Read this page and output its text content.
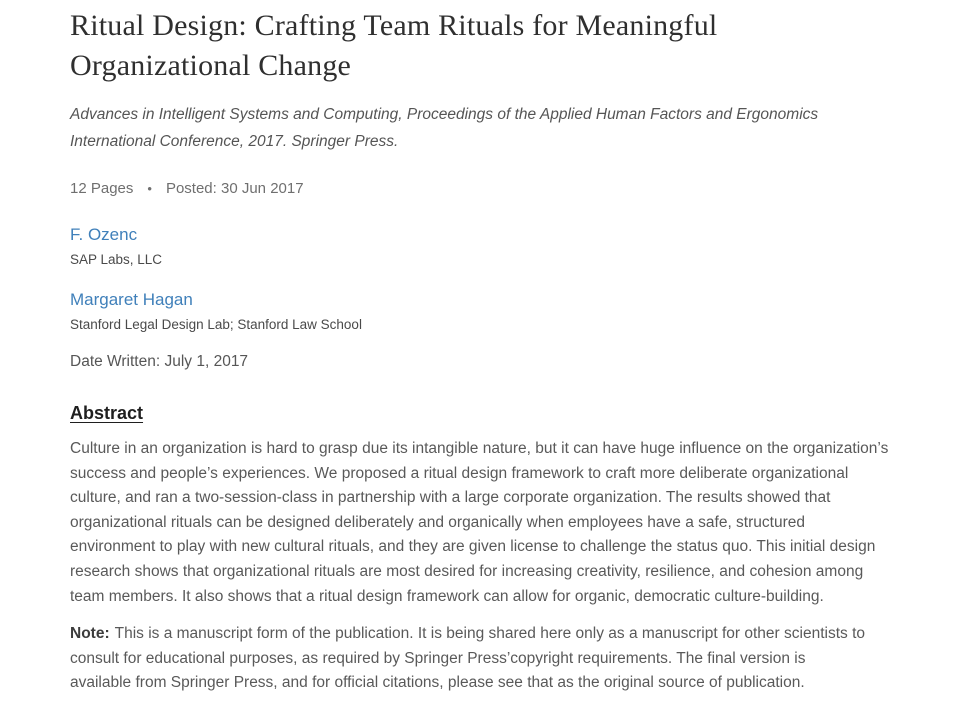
Ritual Design: Crafting Team Rituals for Meaningful Organizational Change

Advances in Intelligent Systems and Computing, Proceedings of the Applied Human Factors and Ergonomics International Conference, 2017. Springer Press.

12 Pages • Posted: 30 Jun 2017
F. Ozenc
SAP Labs, LLC
Margaret Hagan
Stanford Legal Design Lab; Stanford Law School
Date Written: July 1, 2017
Abstract

Culture in an organization is hard to grasp due its intangible nature, but it can have huge influence on the organization’s success and people’s experiences. We proposed a ritual design framework to craft more deliberate organizational culture, and ran a two-session-class in partnership with a large corporate organization. The results showed that organizational rituals can be designed deliberately and organically when employees have a safe, structured environment to play with new cultural rituals, and they are given license to challenge the status quo. This initial design research shows that organizational rituals are most desired for increasing creativity, resilience, and cohesion among team members. It also shows that a ritual design framework can allow for organic, democratic culture-building.

Note: This is a manuscript form of the publication. It is being shared here only as a manuscript for other scientists to consult for educational purposes, as required by Springer Press’copyright requirements. The final version is available from Springer Press, and for official citations, please see that as the original source of publication.
